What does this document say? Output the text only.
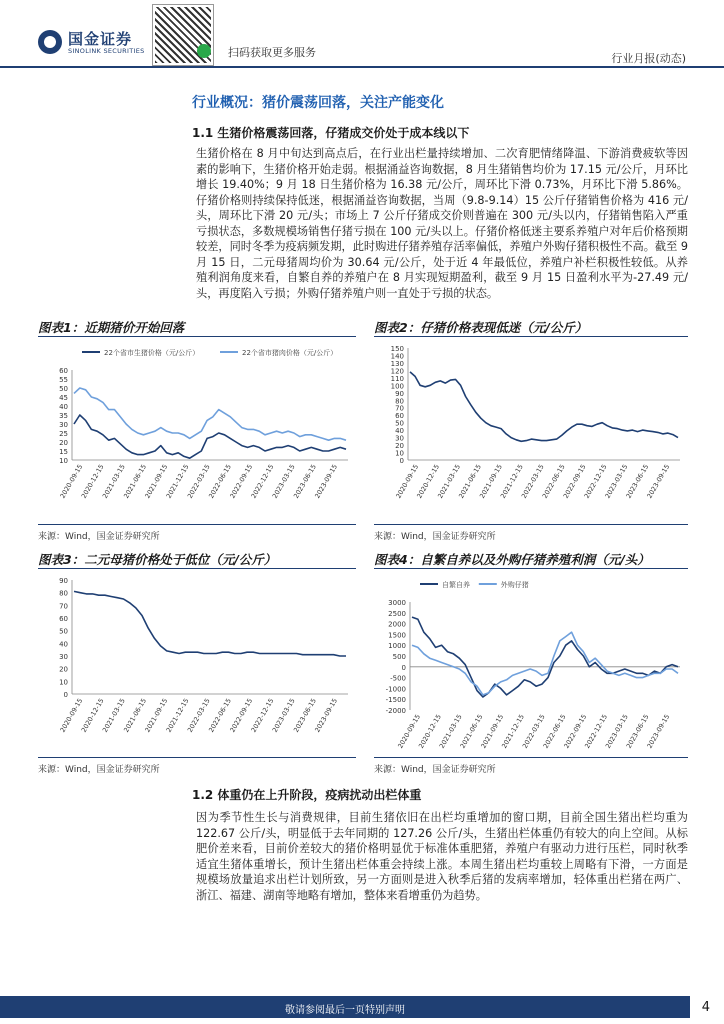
国金证券
SINOLINK SECURITIES	扫码获取更多服务	行业月报(动态)
行业概况：猪价震荡回落，关注产能变化
1.1 生猪价格震荡回落，仔猪成交价处于成本线以下
生猪价格在 8 月中旬达到高点后，在行业出栏量持续增加、二次育肥情绪降温、下游消费疲软等因素的影响下，生猪价格开始走弱。根据涌益咨询数据，8 月生猪销售均价为 17.15 元/公斤，月环比增长 19.40%；9 月 18 日生猪价格为 16.38 元/公斤，周环比下滑 0.73%，月环比下滑 5.86%。仔猪价格则持续保持低迷，根据涌益咨询数据，当周（9.8-9.14）15 公斤仔猪销售价格为 416 元/头，周环比下滑 20 元/头；市场上 7 公斤仔猪成交价则普遍在 300 元/头以内，仔猪销售陷入严重亏损状态，多数规模场销售仔猪亏损在 100 元/头以上。仔猪价格低迷主要系养殖户对年后价格预期较差，同时冬季为疫病频发期，此时购进仔猪养殖存活率偏低，养殖户外购仔猪积极性不高。截至 9 月 15 日，二元母猪周均价为 30.64 元/公斤，处于近 4 年最低位，养殖户补栏积极性较低。从养殖利润角度来看，自繁自养的养殖户在 8 月实现短期盈利，截至 9 月 15 日盈利水平为-27.49 元/头，再度陷入亏损；外购仔猪养殖户则一直处于亏损的状态。
图表1：近期猪价开始回落
10
15
20
25
30
35
40
45
50
55
60
2020-09-15
2020-12-15
2021-03-15
2021-06-15
2021-09-15
2021-12-15
2022-03-15
2022-06-15
2022-09-15
2022-12-15
2023-03-15
2023-06-15
2023-09-15
22个省市生猪价格（元/公斤）	22个省市猪肉价格（元/公斤）
来源：Wind，国金证券研究所
图表2：仔猪价格表现低迷（元/公斤）
0
10
20
30
40
50
60
70
80
90
100
110
120
130
140
150
2020-09-15
2020-12-15
2021-03-15
2021-06-15
2021-09-15
2021-12-15
2022-03-15
2022-06-15
2022-09-15
2022-12-15
2023-03-15
2023-06-15
2023-09-15
来源：Wind，国金证券研究所
图表3：二元母猪价格处于低位（元/公斤）
0
10
20
30
40
50
60
70
80
90
2020-09-15
2020-12-15
2021-03-15
2021-06-15
2021-09-15
2021-12-15
2022-03-15
2022-06-15
2022-09-15
2022-12-15
2023-03-15
2023-06-15
2023-09-15
来源：Wind，国金证券研究所
图表4：自繁自养以及外购仔猪养殖利润（元/头）
-2000
-1500
-1000
-500
0
500
1000
1500
2000
2500
3000
2020-09-15
2020-12-15
2021-03-15
2021-06-15
2021-09-15
2021-12-15
2022-03-15
2022-06-15
2022-09-15
2022-12-15
2023-03-15
2023-06-15
2023-09-15
自繁自养	外购仔猪
来源：Wind，国金证券研究所
1.2 体重仍在上升阶段，疫病扰动出栏体重
因为季节性生长与消费规律，目前生猪依旧在出栏均重增加的窗口期，目前全国生猪出栏均重为 122.67 公斤/头，明显低于去年同期的 127.26 公斤/头，生猪出栏体重仍有较大的向上空间。从标肥价差来看，目前价差较大的猪价格明显优于标准体重肥猪，养殖户有驱动力进行压栏，同时秋季适宜生猪体重增长，预计生猪出栏体重会持续上涨。本周生猪出栏均重较上周略有下滑，一方面是规模场放量追求出栏计划所致，另一方面则是进入秋季后猪的发病率增加，轻体重出栏猪在两广、浙江、福建、湖南等地略有增加，整体来看增重仍为趋势。
敬请参阅最后一页特别声明	4
